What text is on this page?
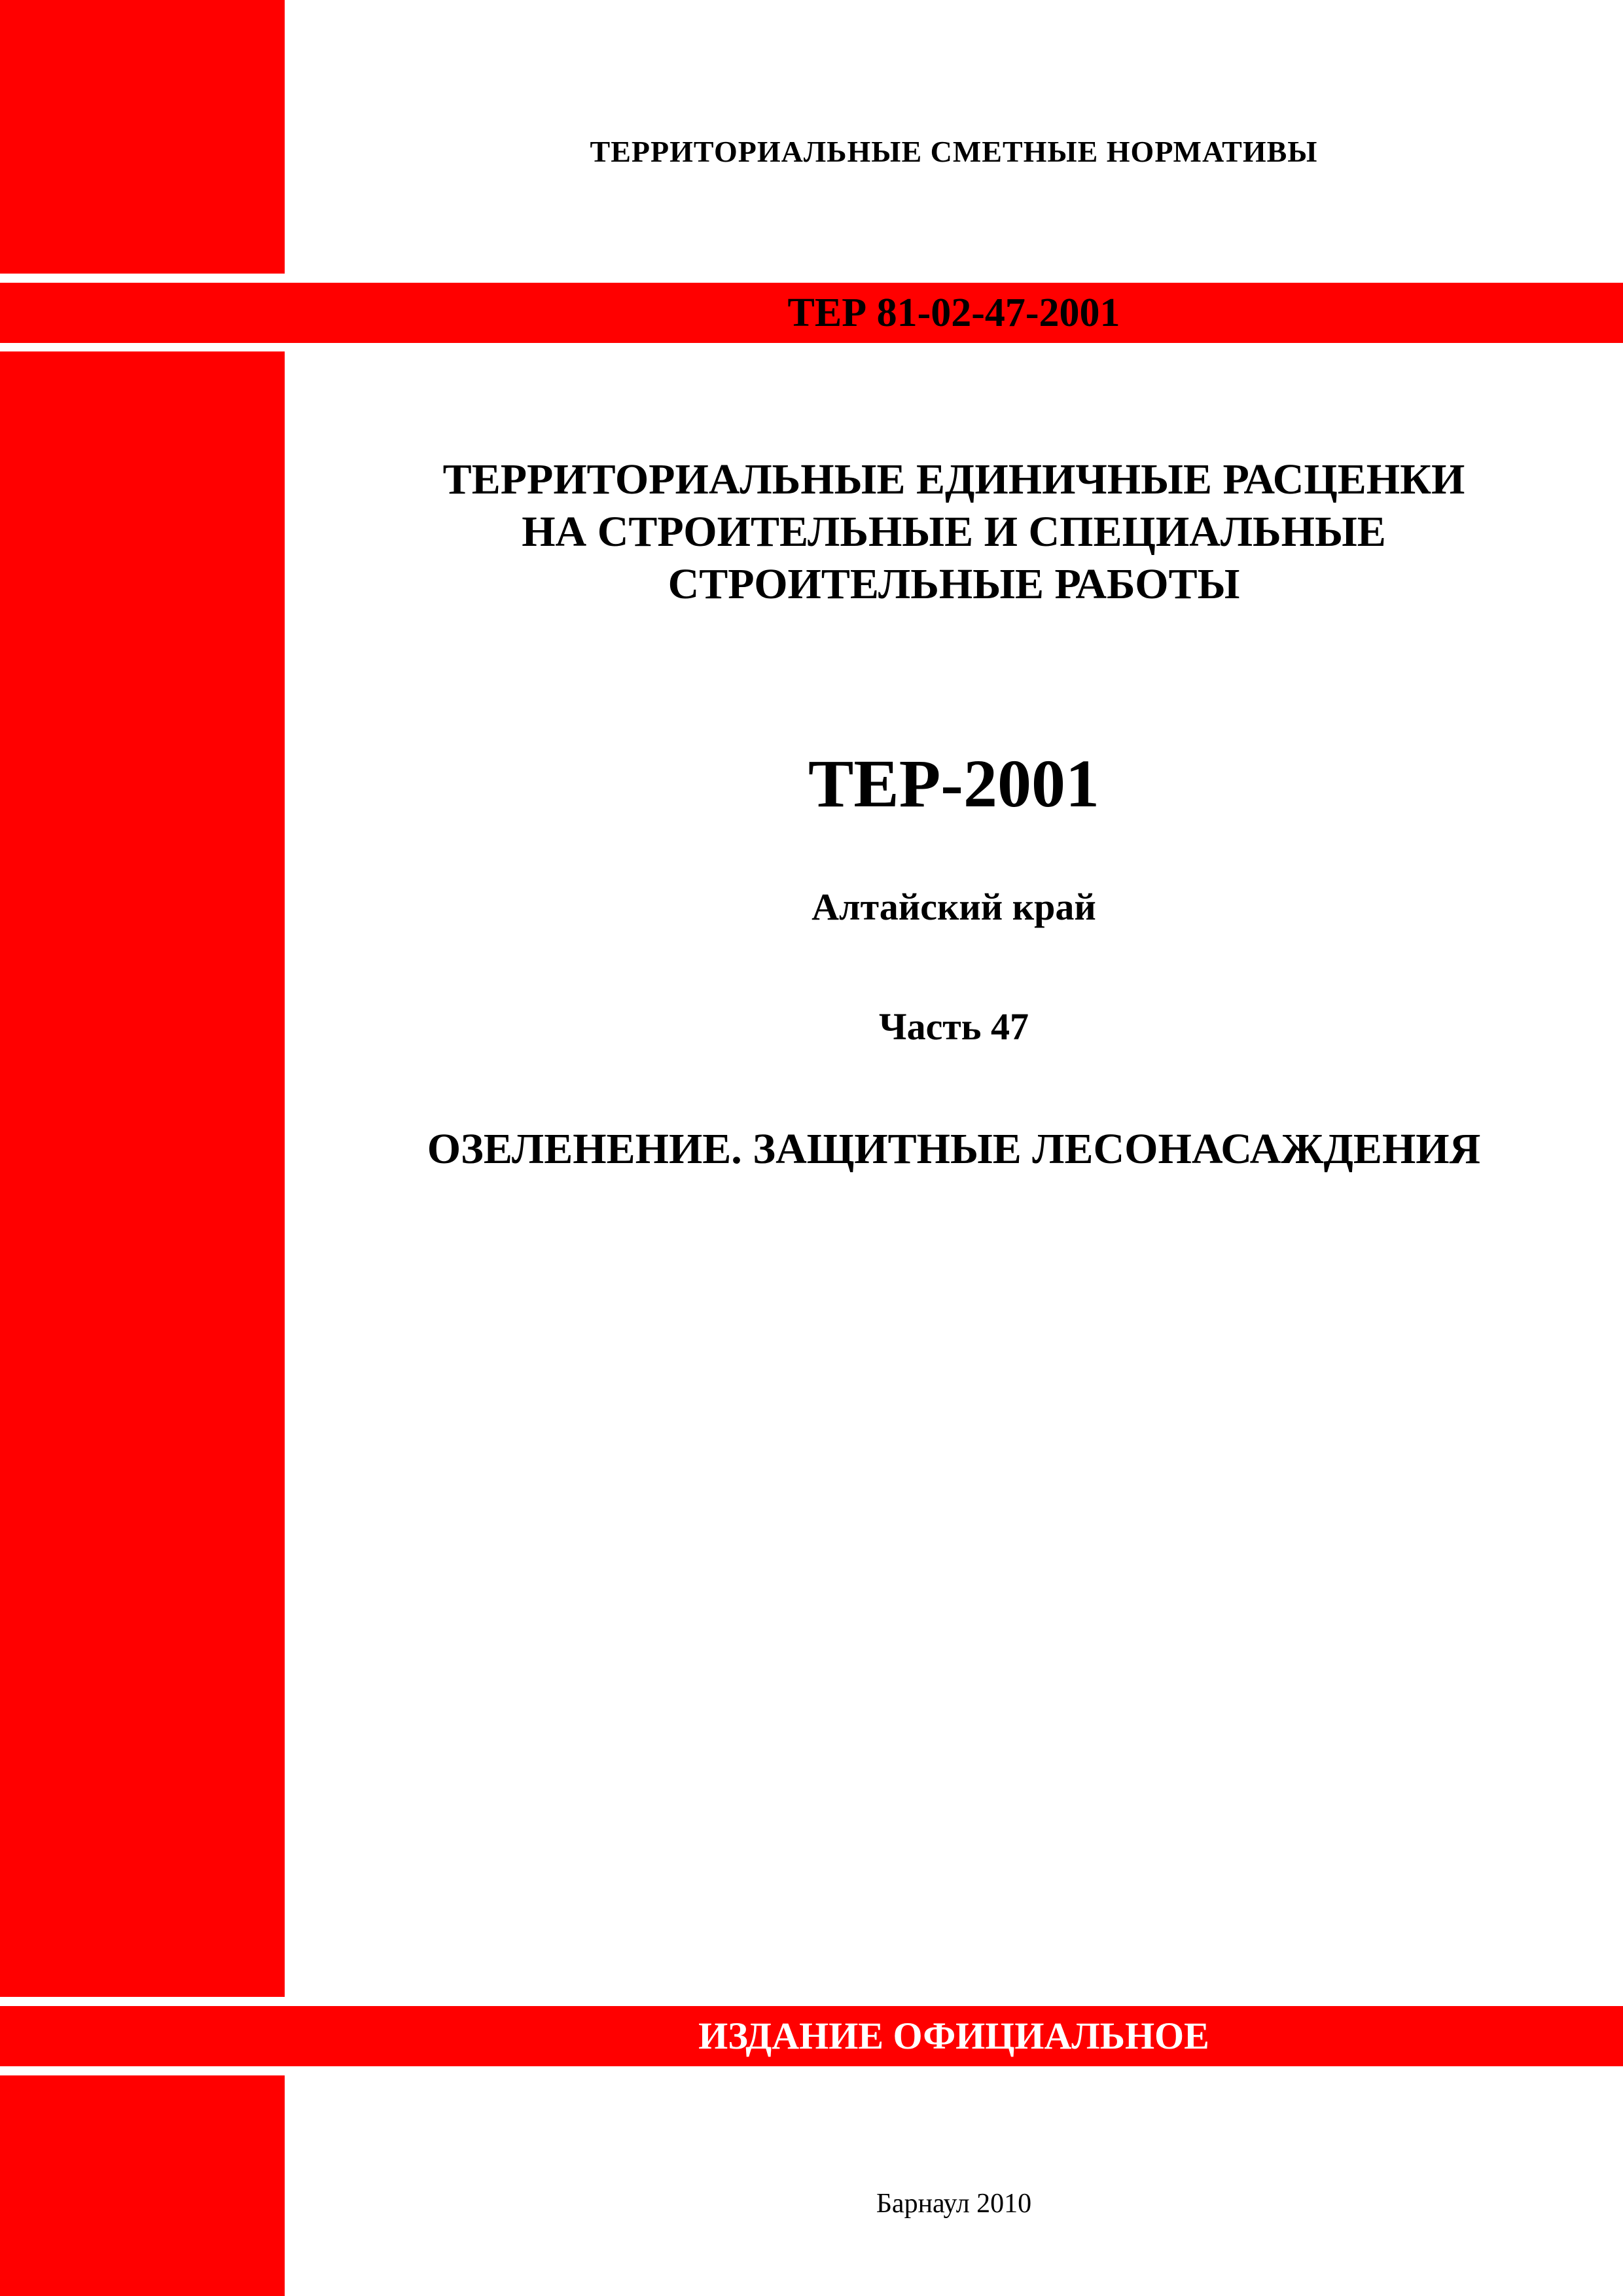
ТЕРРИТОРИАЛЬНЫЕ СМЕТНЫЕ НОРМАТИВЫ
ТЕР 81-02-47-2001
ТЕРРИТОРИАЛЬНЫЕ ЕДИНИЧНЫЕ РАСЦЕНКИ
НА СТРОИТЕЛЬНЫЕ И СПЕЦИАЛЬНЫЕ
СТРОИТЕЛЬНЫЕ РАБОТЫ
ТЕР-2001
Алтайский край
Часть 47
ОЗЕЛЕНЕНИЕ. ЗАЩИТНЫЕ ЛЕСОНАСАЖДЕНИЯ
ИЗДАНИЕ ОФИЦИАЛЬНОЕ
Барнаул 2010
